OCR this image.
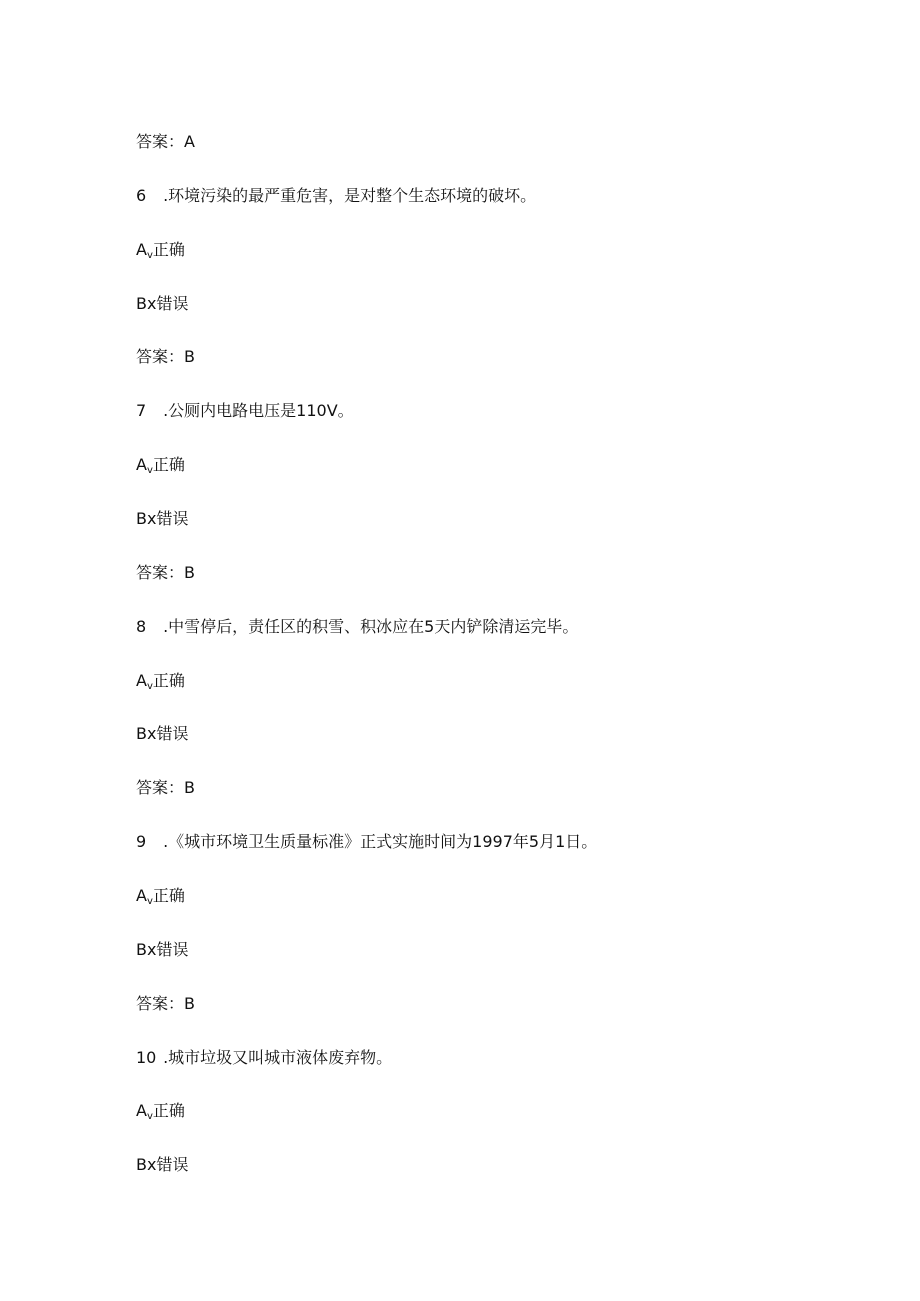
答案：A
6 .环境污染的最严重危害，是对整个生态环境的破坏。
Av正确
Bx错误
答案：B
7 .公厕内电路电压是110V。
Av正确
Bx错误
答案：B
8 .中雪停后，责任区的积雪、积冰应在5天内铲除清运完毕。
Av正确
Bx错误
答案：B
9 .《城市环境卫生质量标准》正式实施时间为1997年5月1日。
Av正确
Bx错误
答案：B
10 .城市垃圾又叫城市液体废弃物。
Av正确
Bx错误
